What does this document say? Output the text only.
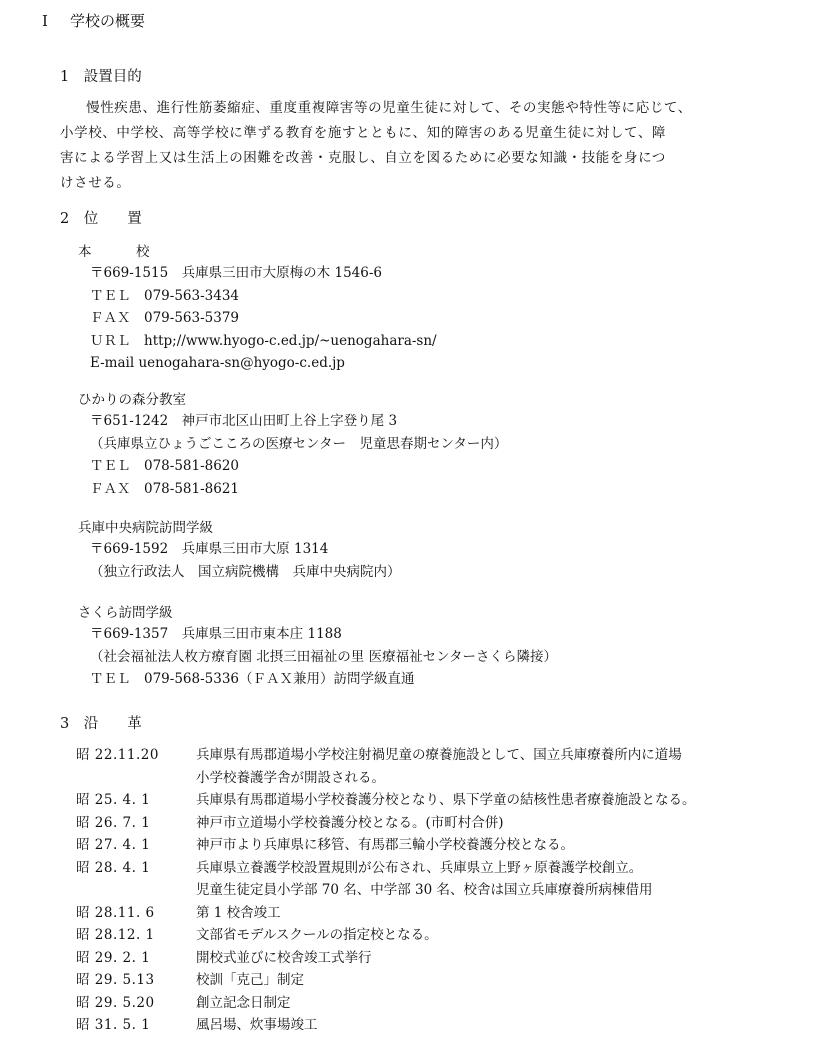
I 学校の概要
1　設置目的
　慢性疾患、進行性筋萎縮症、重度重複障害等の児童生徒に対して、その実態や特性等に応じて、
小学校、中学校、高等学校に準ずる教育を施すとともに、知的障害のある児童生徒に対して、障
害による学習上又は生活上の困難を改善・克服し、自立を図るために必要な知識・技能を身につ
けさせる。
2　位　　置
本　　　校
〒669-1515　兵庫県三田市大原梅の木 1546-6
ＴＥＬ　079-563-3434
ＦＡＸ　079-563-5379
ＵＲＬ　http;//www.hyogo-c.ed.jp/~uenogahara-sn/
E-mail uenogahara-sn@hyogo-c.ed.jp
ひかりの森分教室
〒651-1242　神戸市北区山田町上谷上字登り尾 3
（兵庫県立ひょうごこころの医療センター　児童思春期センター内）
ＴＥＬ　078-581-8620
ＦＡＸ　078-581-8621
兵庫中央病院訪問学級
〒669-1592　兵庫県三田市大原 1314
（独立行政法人　国立病院機構　兵庫中央病院内）
さくら訪問学級
〒669-1357　兵庫県三田市東本庄 1188
（社会福祉法人枚方療育園 北摂三田福祉の里 医療福祉センターさくら隣接）
ＴＥＬ　079-568-5336（ＦＡＸ兼用）訪問学級直通
3　沿　　革
昭 22.11.20	兵庫県有馬郡道場小学校注射禍児童の療養施設として、国立兵庫療養所内に道場
小学校養護学舎が開設される。
昭 25. 4. 1	兵庫県有馬郡道場小学校養護分校となり、県下学童の結核性患者療養施設となる。
昭 26. 7. 1	神戸市立道場小学校養護分校となる。(市町村合併)
昭 27. 4. 1	神戸市より兵庫県に移管、有馬郡三輪小学校養護分校となる。
昭 28. 4. 1	兵庫県立養護学校設置規則が公布され、兵庫県立上野ヶ原養護学校創立。
児童生徒定員小学部 70 名、中学部 30 名、校舎は国立兵庫療養所病棟借用
昭 28.11. 6	第 1 校舎竣工
昭 28.12. 1	文部省モデルスクールの指定校となる。
昭 29. 2. 1	開校式並びに校舎竣工式挙行
昭 29. 5.13	校訓「克己」制定
昭 29. 5.20	創立記念日制定
昭 31. 5. 1	風呂場、炊事場竣工
